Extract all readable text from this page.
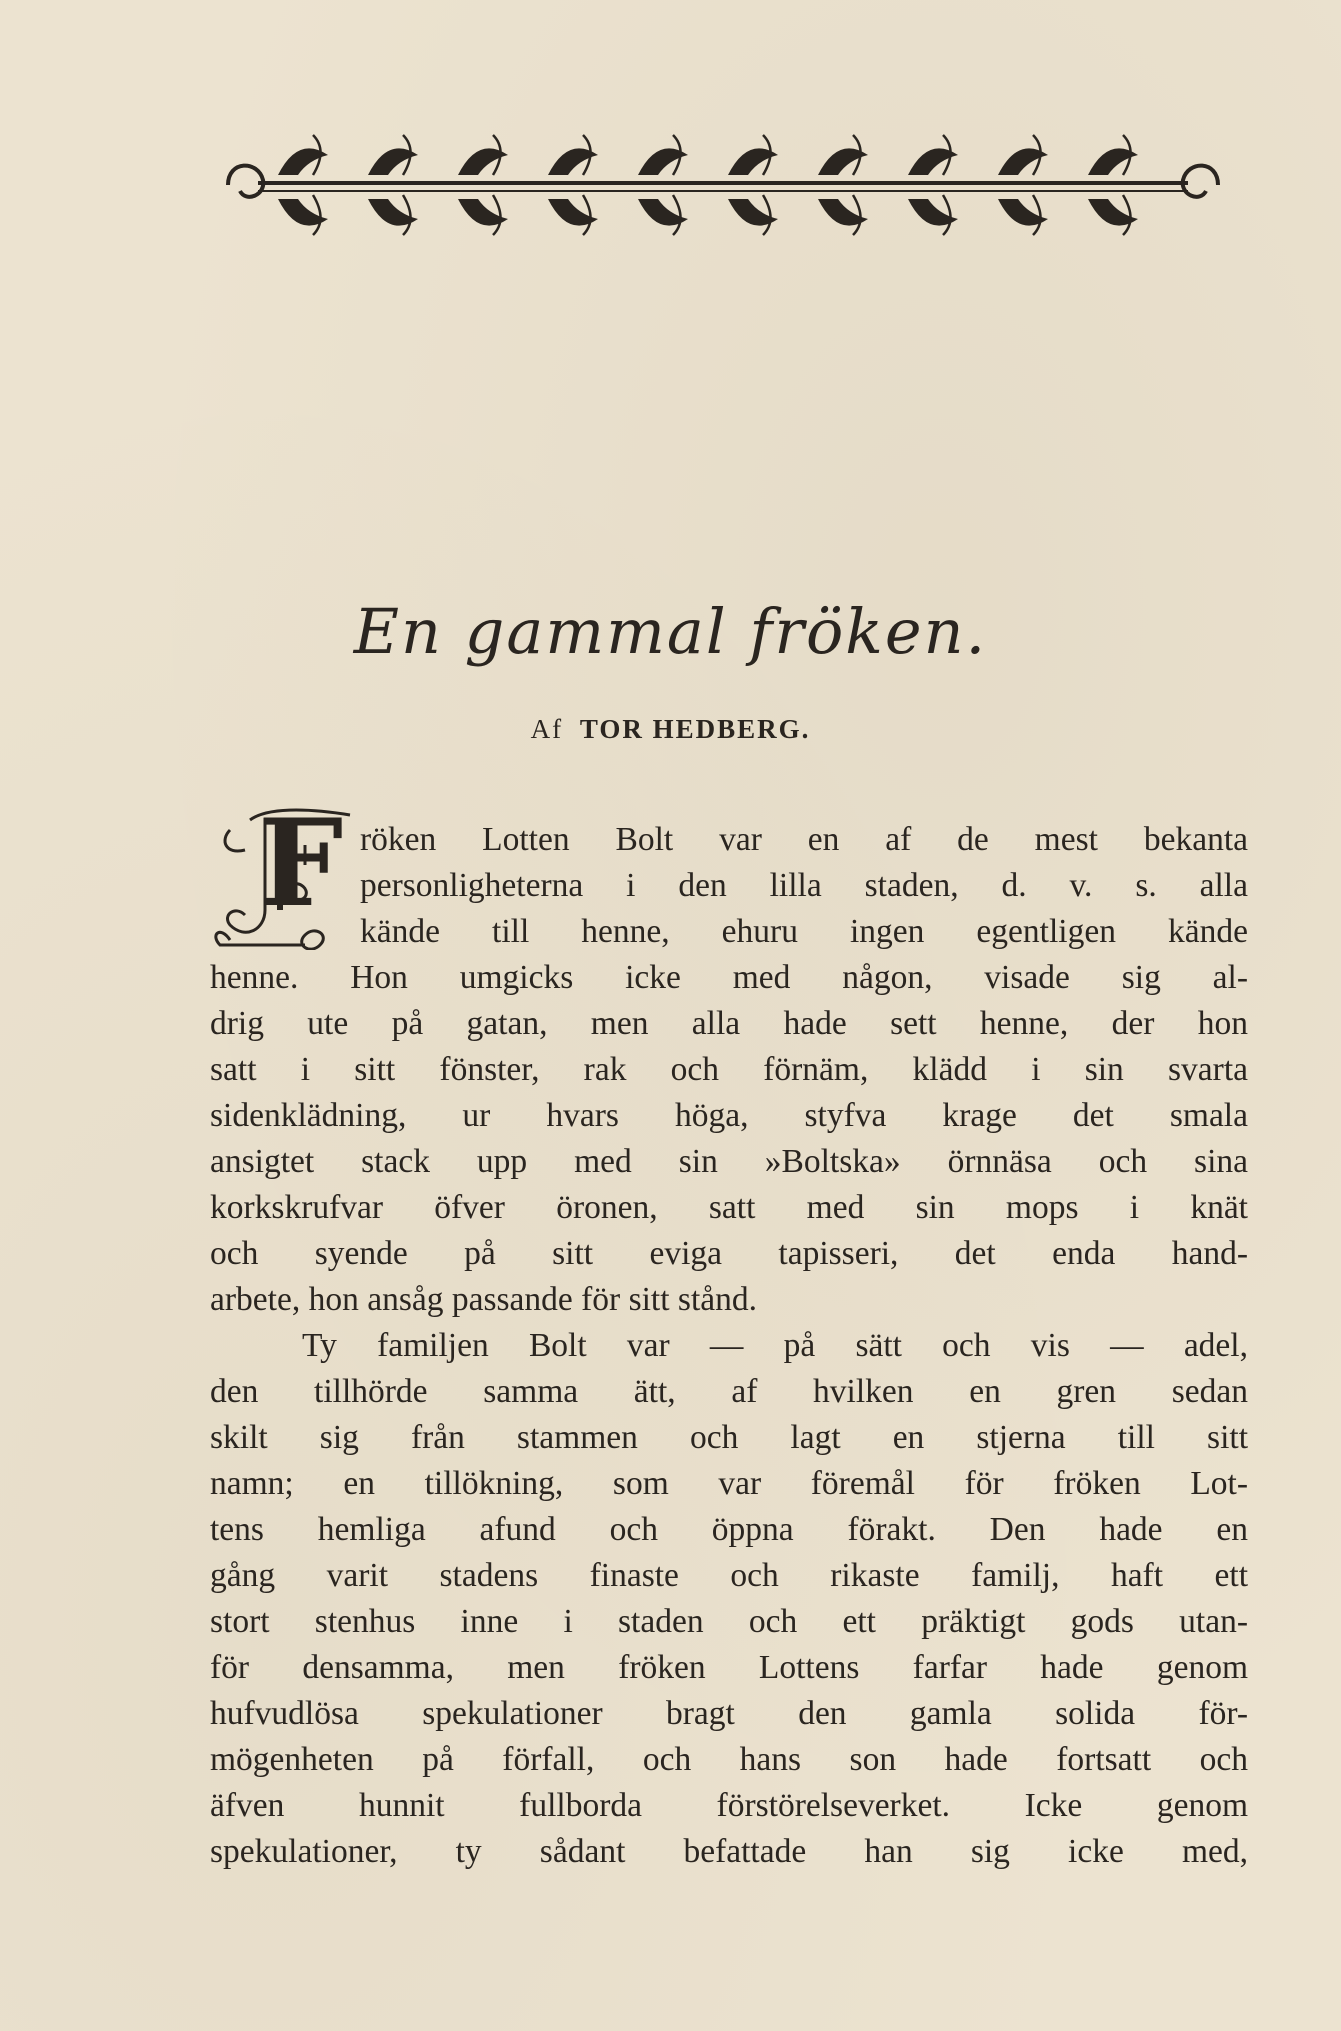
En gammal fröken.
Af TOR HEDBERG.
F röken Lotten Bolt var en af de mest bekanta
personligheterna i den lilla staden, d. v. s. alla
kände till henne, ehuru ingen egentligen kände
henne. Hon umgicks icke med någon, visade sig al-
drig ute på gatan, men alla hade sett henne, der hon
satt i sitt fönster, rak och förnäm, klädd i sin svarta
sidenklädning, ur hvars höga, styfva krage det smala
ansigtet stack upp med sin »Boltska» örnnäsa och sina
korkskrufvar öfver öronen, satt med sin mops i knät
och syende på sitt eviga tapisseri, det enda hand-
arbete, hon ansåg passande för sitt stånd.
Ty familjen Bolt var — på sätt och vis — adel,
den tillhörde samma ätt, af hvilken en gren sedan
skilt sig från stammen och lagt en stjerna till sitt
namn; en tillökning, som var föremål för fröken Lot-
tens hemliga afund och öppna förakt. Den hade en
gång varit stadens finaste och rikaste familj, haft ett
stort stenhus inne i staden och ett präktigt gods utan-
för densamma, men fröken Lottens farfar hade genom
hufvudlösa spekulationer bragt den gamla solida för-
mögenheten på förfall, och hans son hade fortsatt och
äfven hunnit fullborda förstörelseverket. Icke genom
spekulationer, ty sådant befattade han sig icke med,
